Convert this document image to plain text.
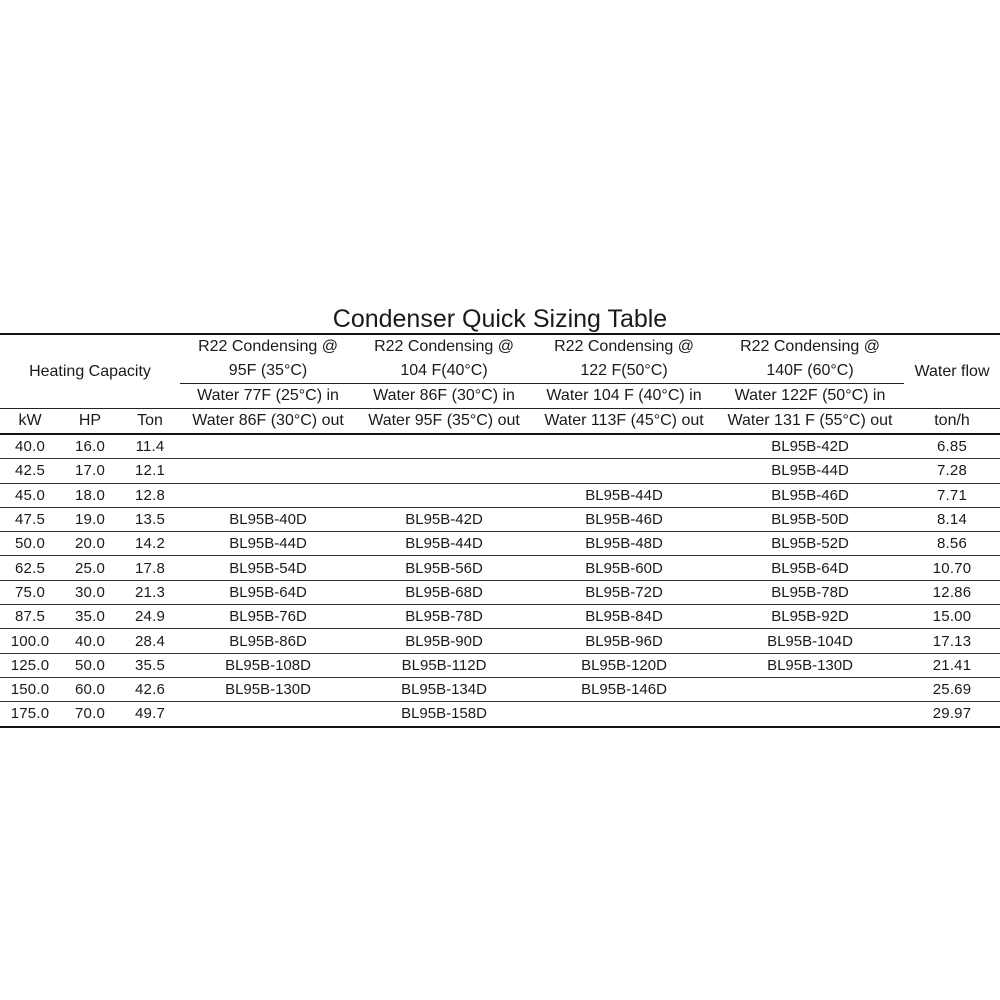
Condenser Quick Sizing Table
Heating Capacity			R22 Condensing @	R22 Condensing @	R22 Condensing @	R22 Condensing @	Water flow
			95F (35°C)	104 F(40°C)	122 F(50°C)	140F (60°C)	
			Water 77F (25°C) in	Water 86F (30°C) in	Water 104 F (40°C) in	Water 122F (50°C) in	
kW	HP	Ton	Water 86F (30°C) out	Water 95F (35°C) out	Water 113F (45°C) out	Water 131 F (55°C) out	ton/h
40.0	16.0	11.4				BL95B-42D	6.85
42.5	17.0	12.1				BL95B-44D	7.28
45.0	18.0	12.8			BL95B-44D	BL95B-46D	7.71
47.5	19.0	13.5	BL95B-40D	BL95B-42D	BL95B-46D	BL95B-50D	8.14
50.0	20.0	14.2	BL95B-44D	BL95B-44D	BL95B-48D	BL95B-52D	8.56
62.5	25.0	17.8	BL95B-54D	BL95B-56D	BL95B-60D	BL95B-64D	10.70
75.0	30.0	21.3	BL95B-64D	BL95B-68D	BL95B-72D	BL95B-78D	12.86
87.5	35.0	24.9	BL95B-76D	BL95B-78D	BL95B-84D	BL95B-92D	15.00
100.0	40.0	28.4	BL95B-86D	BL95B-90D	BL95B-96D	BL95B-104D	17.13
125.0	50.0	35.5	BL95B-108D	BL95B-112D	BL95B-120D	BL95B-130D	21.41
150.0	60.0	42.6	BL95B-130D	BL95B-134D	BL95B-146D		25.69
175.0	70.0	49.7		BL95B-158D			29.97
